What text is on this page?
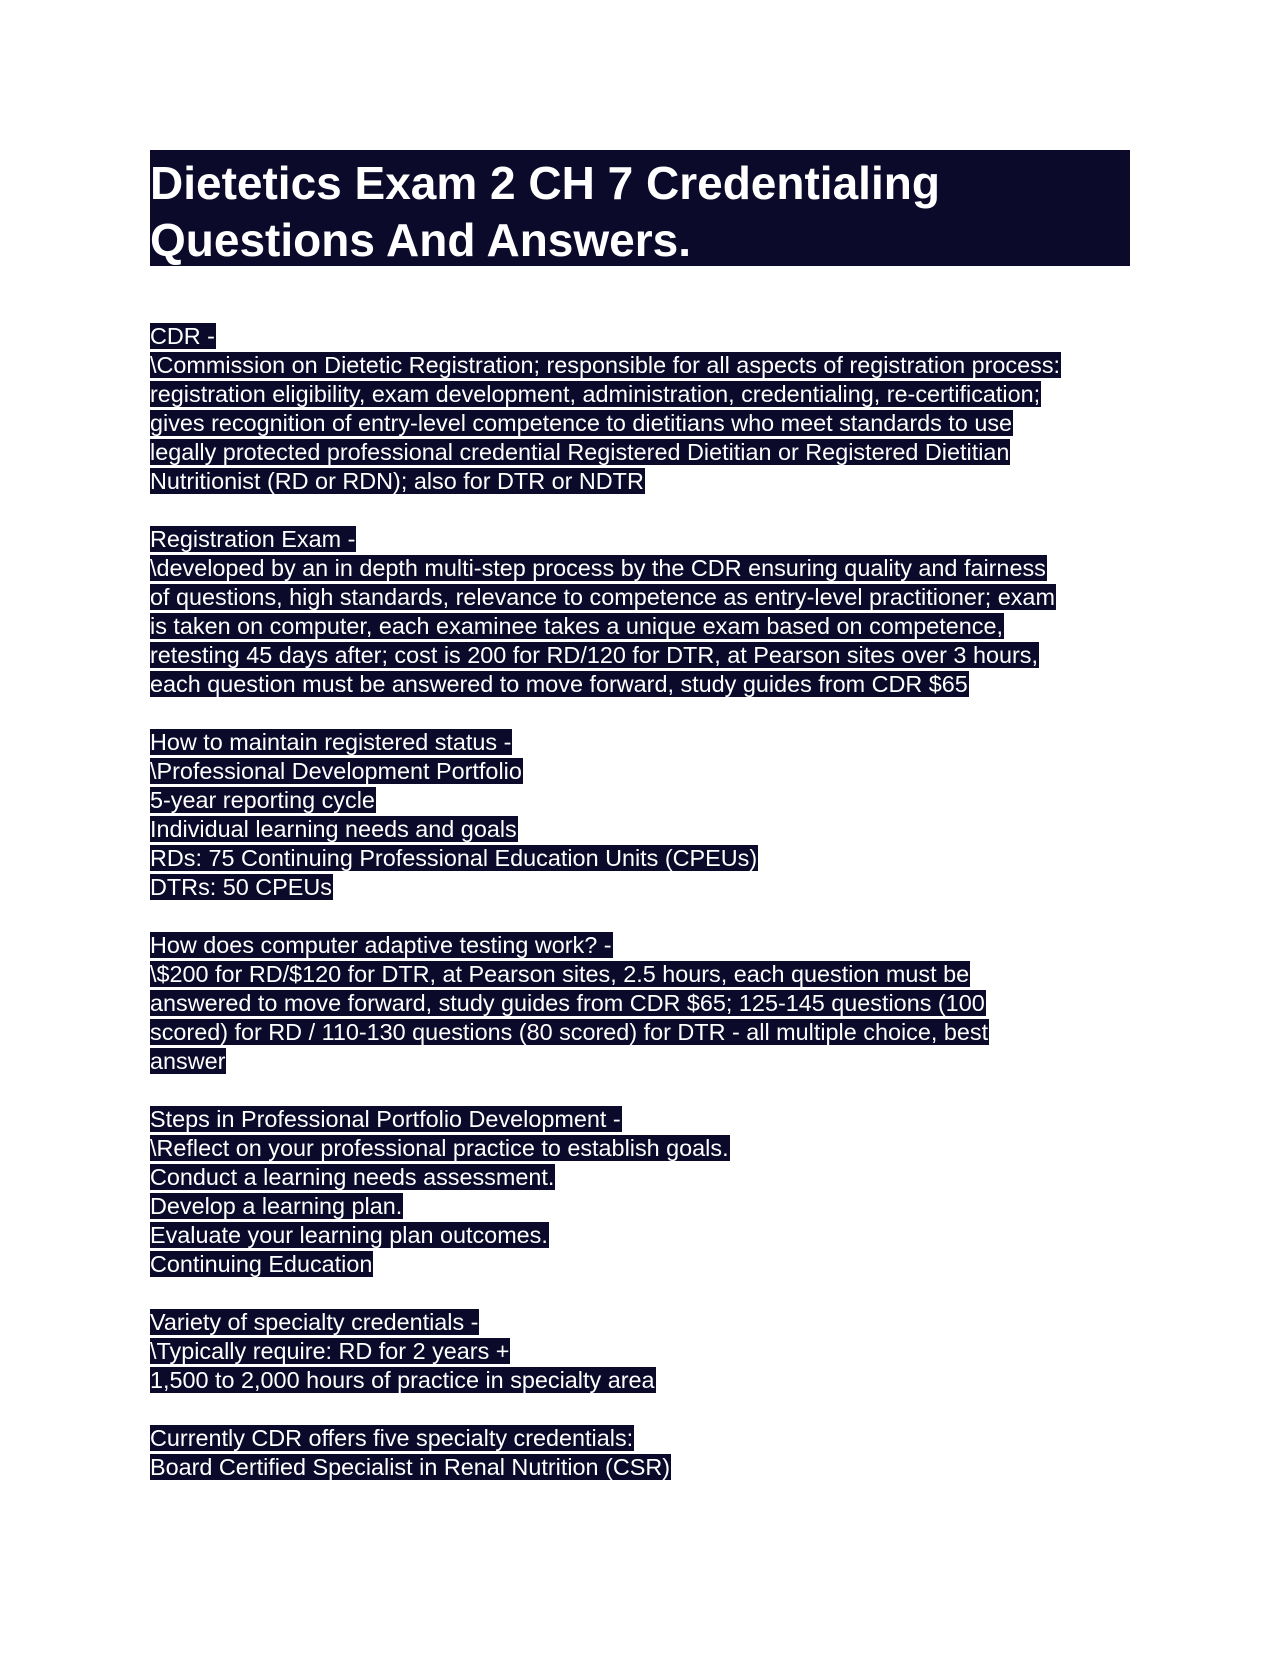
Dietetics Exam 2 CH 7 Credentialing
Questions And Answers.
CDR -
\Commission on Dietetic Registration; responsible for all aspects of registration process:
registration eligibility, exam development, administration, credentialing, re-certification;
gives recognition of entry-level competence to dietitians who meet standards to use
legally protected professional credential Registered Dietitian or Registered Dietitian
Nutritionist (RD or RDN); also for DTR or NDTR
Registration Exam -
\developed by an in depth multi-step process by the CDR ensuring quality and fairness
of questions, high standards, relevance to competence as entry-level practitioner; exam
is taken on computer, each examinee takes a unique exam based on competence,
retesting 45 days after; cost is 200 for RD/120 for DTR, at Pearson sites over 3 hours,
each question must be answered to move forward, study guides from CDR $65
How to maintain registered status -
\Professional Development Portfolio
5-year reporting cycle
Individual learning needs and goals
RDs: 75 Continuing Professional Education Units (CPEUs)
DTRs: 50 CPEUs
How does computer adaptive testing work? -
\$200 for RD/$120 for DTR, at Pearson sites, 2.5 hours, each question must be
answered to move forward, study guides from CDR $65; 125-145 questions (100
scored) for RD / 110-130 questions (80 scored) for DTR - all multiple choice, best
answer
Steps in Professional Portfolio Development -
\Reflect on your professional practice to establish goals.
Conduct a learning needs assessment.
Develop a learning plan.
Evaluate your learning plan outcomes.
Continuing Education
Variety of specialty credentials -
\Typically require: RD for 2 years +
1,500 to 2,000 hours of practice in specialty area
Currently CDR offers five specialty credentials:
Board Certified Specialist in Renal Nutrition (CSR)
